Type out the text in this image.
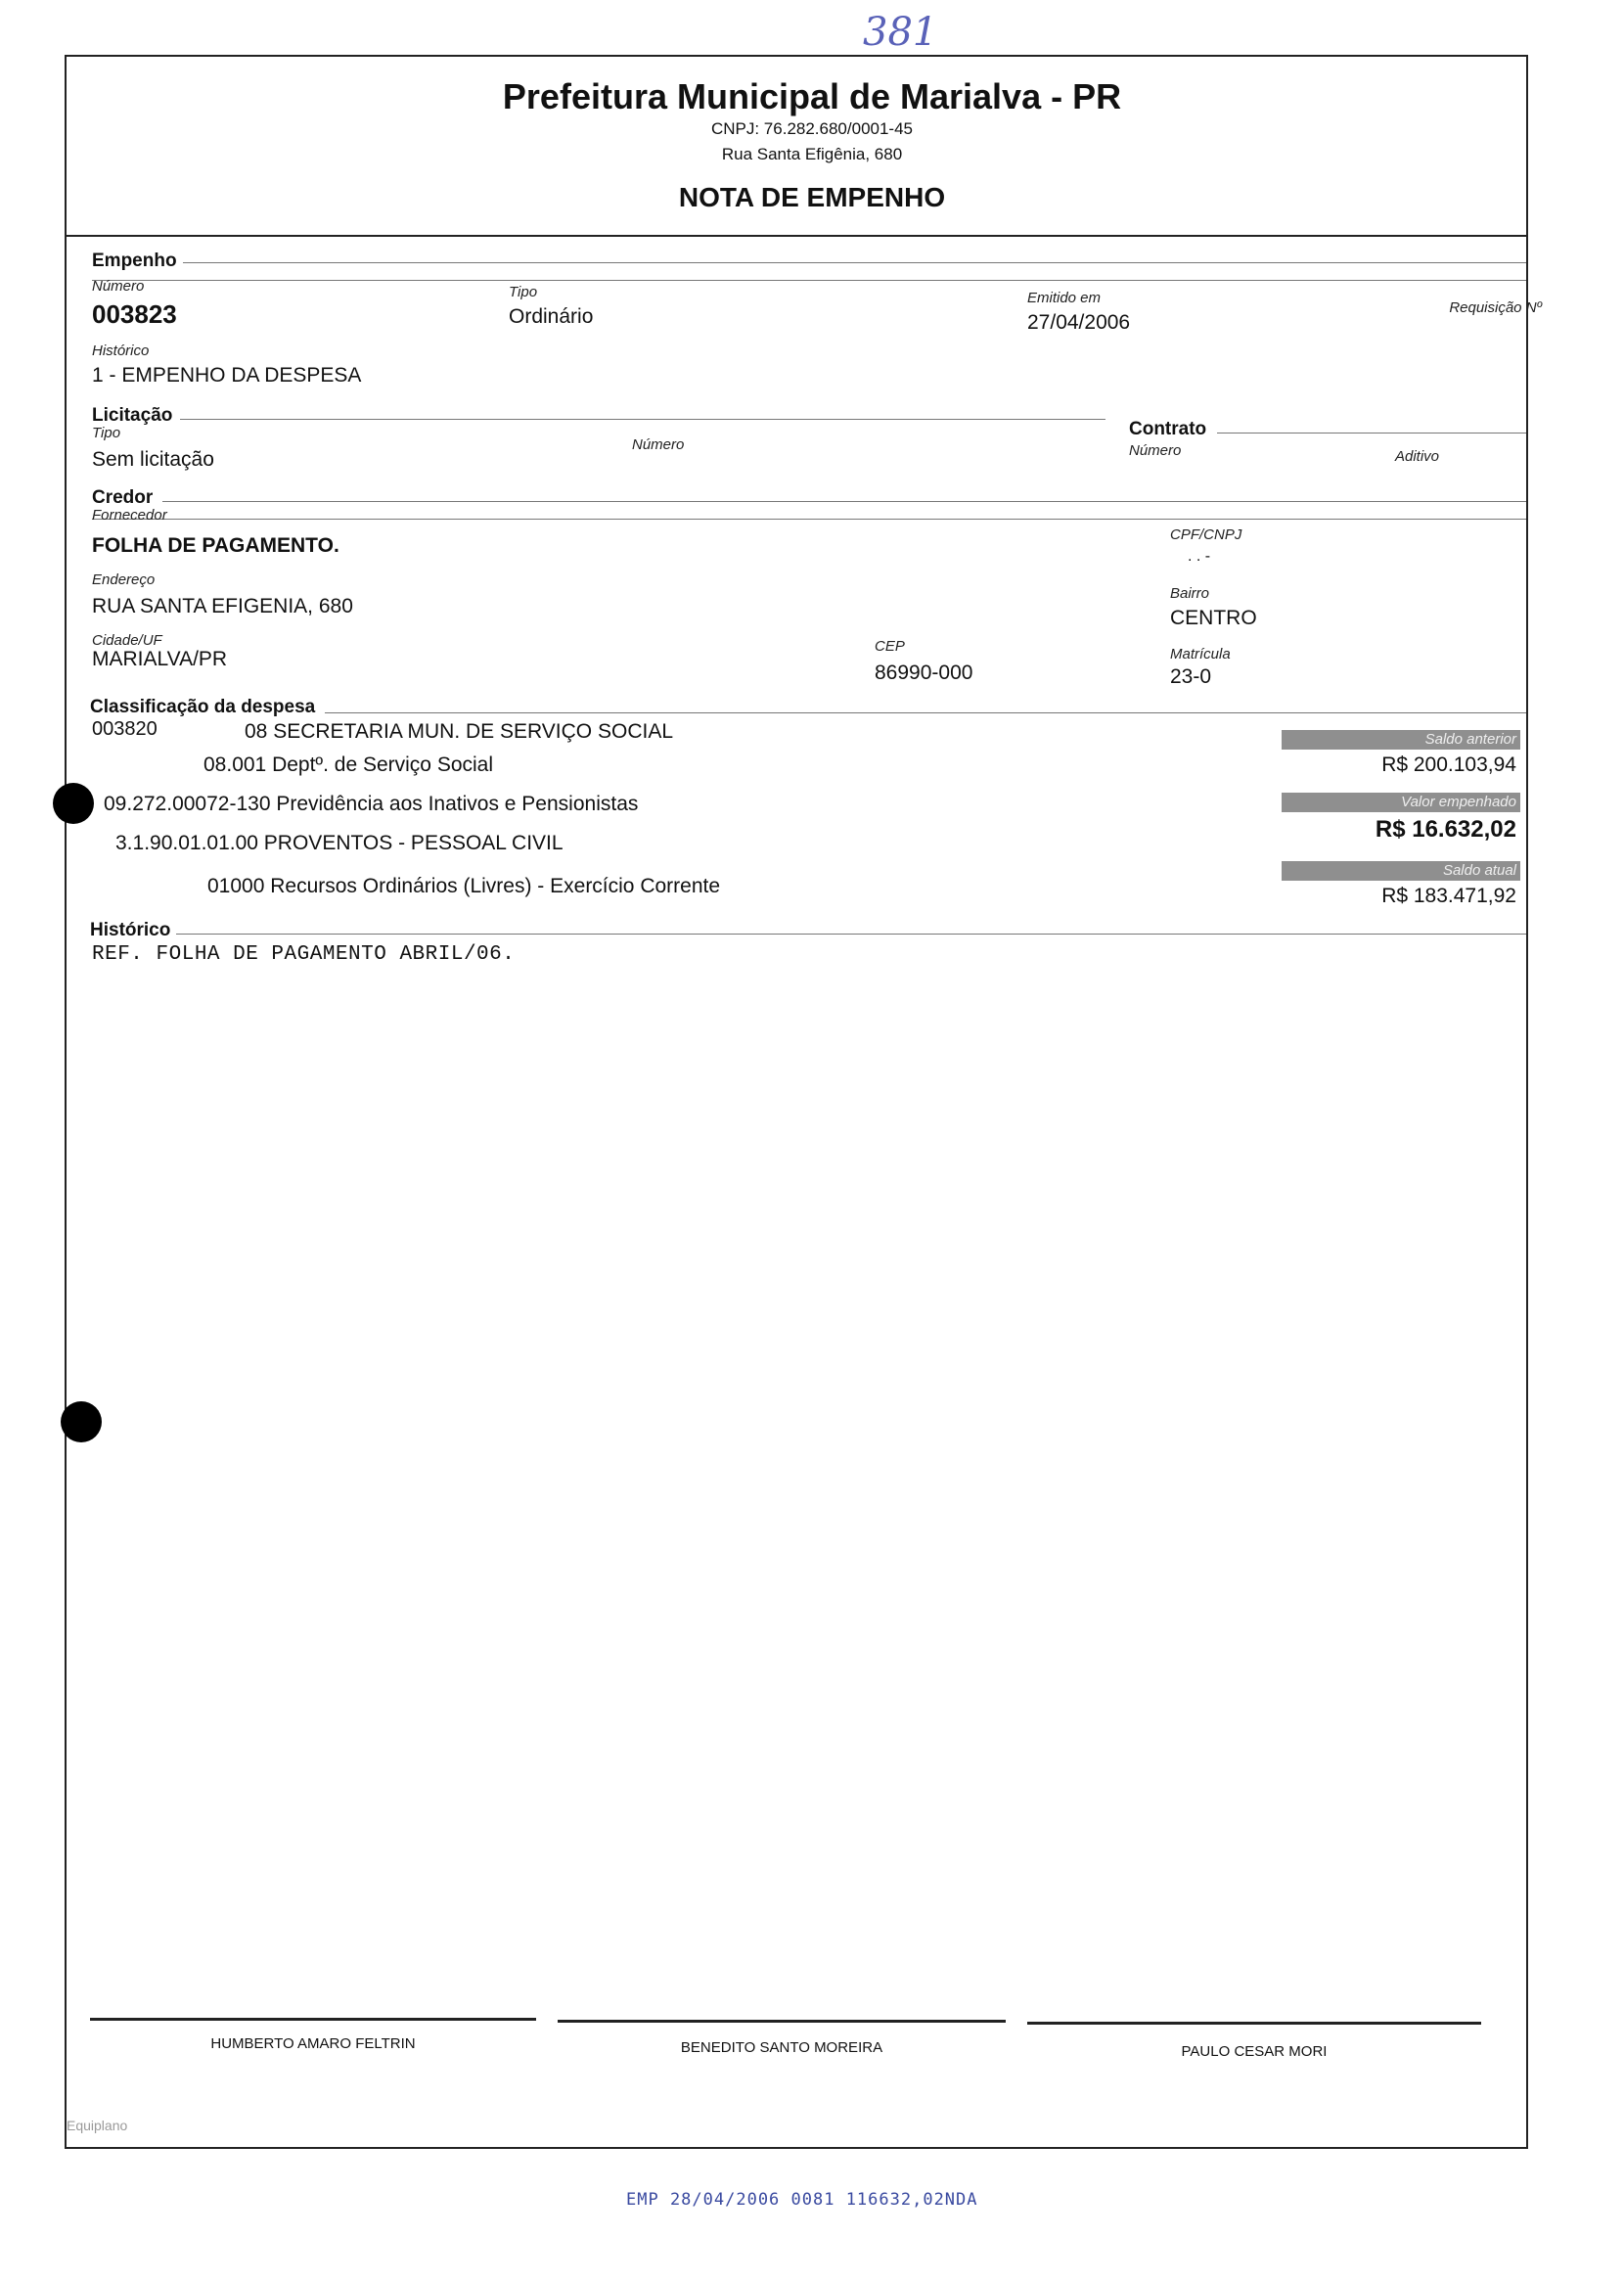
381
Prefeitura Municipal de Marialva - PR
CNPJ: 76.282.680/0001-45
Rua Santa Efigênia, 680
NOTA DE EMPENHO
Empenho
Número
003823
Tipo
Ordinário
Emitido em
27/04/2006
Requisição Nº
Histórico
1 - EMPENHO DA DESPESA
Licitação
Tipo
Sem licitação
Número
Contrato
Número	Aditivo
Credor
Fornecedor
FOLHA DE PAGAMENTO.	CPF/CNPJ
. . -
Endereço
RUA SANTA EFIGENIA, 680
Bairro
CENTRO
Cidade/UF
MARIALVA/PR
CEP
86990-000
Matrícula
23-0
Classificação da despesa
003820	08 SECRETARIA MUN. DE SERVIÇO SOCIAL
08.001 Deptº. de Serviço Social
09.272.00072-130 Previdência aos Inativos e Pensionistas
3.1.90.01.01.00 PROVENTOS - PESSOAL CIVIL
01000 Recursos Ordinários (Livres) - Exercício Corrente
Saldo anterior
R$ 200.103,94
Valor empenhado
R$ 16.632,02
Saldo atual
R$ 183.471,92
Histórico
REF. FOLHA DE PAGAMENTO ABRIL/06.
HUMBERTO AMARO FELTRIN	BENEDITO SANTO MOREIRA	PAULO CESAR MORI
Equiplano
EMP 28/04/2006 0081 116632,02NDA
